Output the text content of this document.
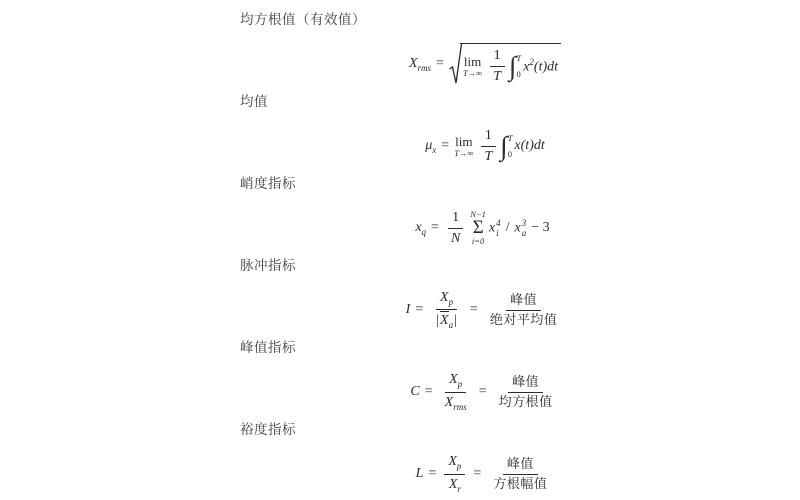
均方根值（有效值）
$X_{rms} = \lim$
$T\to\infty \frac{1}{T}$ ∫ T
0 $x^2(t)dt$
均值
$\mu_x = \lim$
$T\to\infty \frac{1}{T}$ ∫ T
0
x(t)dt
峭度指标
$x_q = \frac{1}{N} N-1$
Σ
i=0
x 4
i / x 3
a − 3
脉冲指标
$I = \frac{X_p}{|X_a|} = \frac{\text{峰值}}{\text{绝对平均值}}$
峰值指标
$C = \frac{X_p}{X_{rms}} = \frac{\text{峰值}}{\text{均方根值}}$
裕度指标
$L = \frac{X_p}{X_r} = \frac{\text{峰值}}{\text{方根幅值}}$
